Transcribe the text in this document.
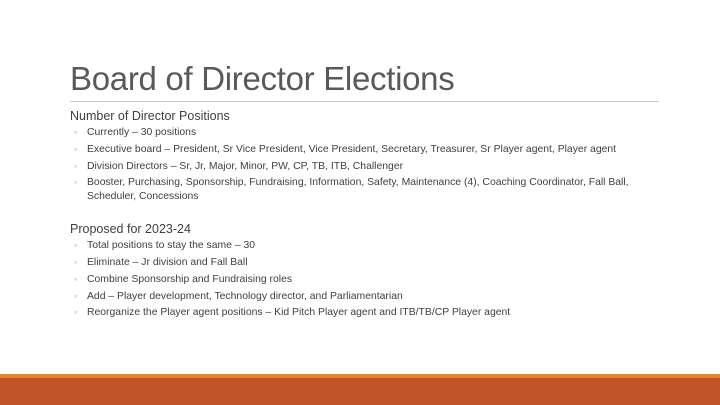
Board of Director Elections
Number of Director Positions
◦ Currently – 30 positions
◦ Executive board – President, Sr Vice President, Vice President, Secretary, Treasurer, Sr Player agent, Player agent
◦ Division Directors – Sr, Jr, Major, Minor, PW, CP, TB, ITB, Challenger
◦ Booster, Purchasing, Sponsorship, Fundraising, Information, Safety, Maintenance (4), Coaching Coordinator, Fall Ball, Scheduler, Concessions
Proposed for 2023-24
◦ Total positions to stay the same – 30
◦ Eliminate – Jr division and Fall Ball
◦ Combine Sponsorship and Fundraising roles
◦ Add – Player development, Technology director, and Parliamentarian
◦ Reorganize the Player agent positions – Kid Pitch Player agent and ITB/TB/CP Player agent
